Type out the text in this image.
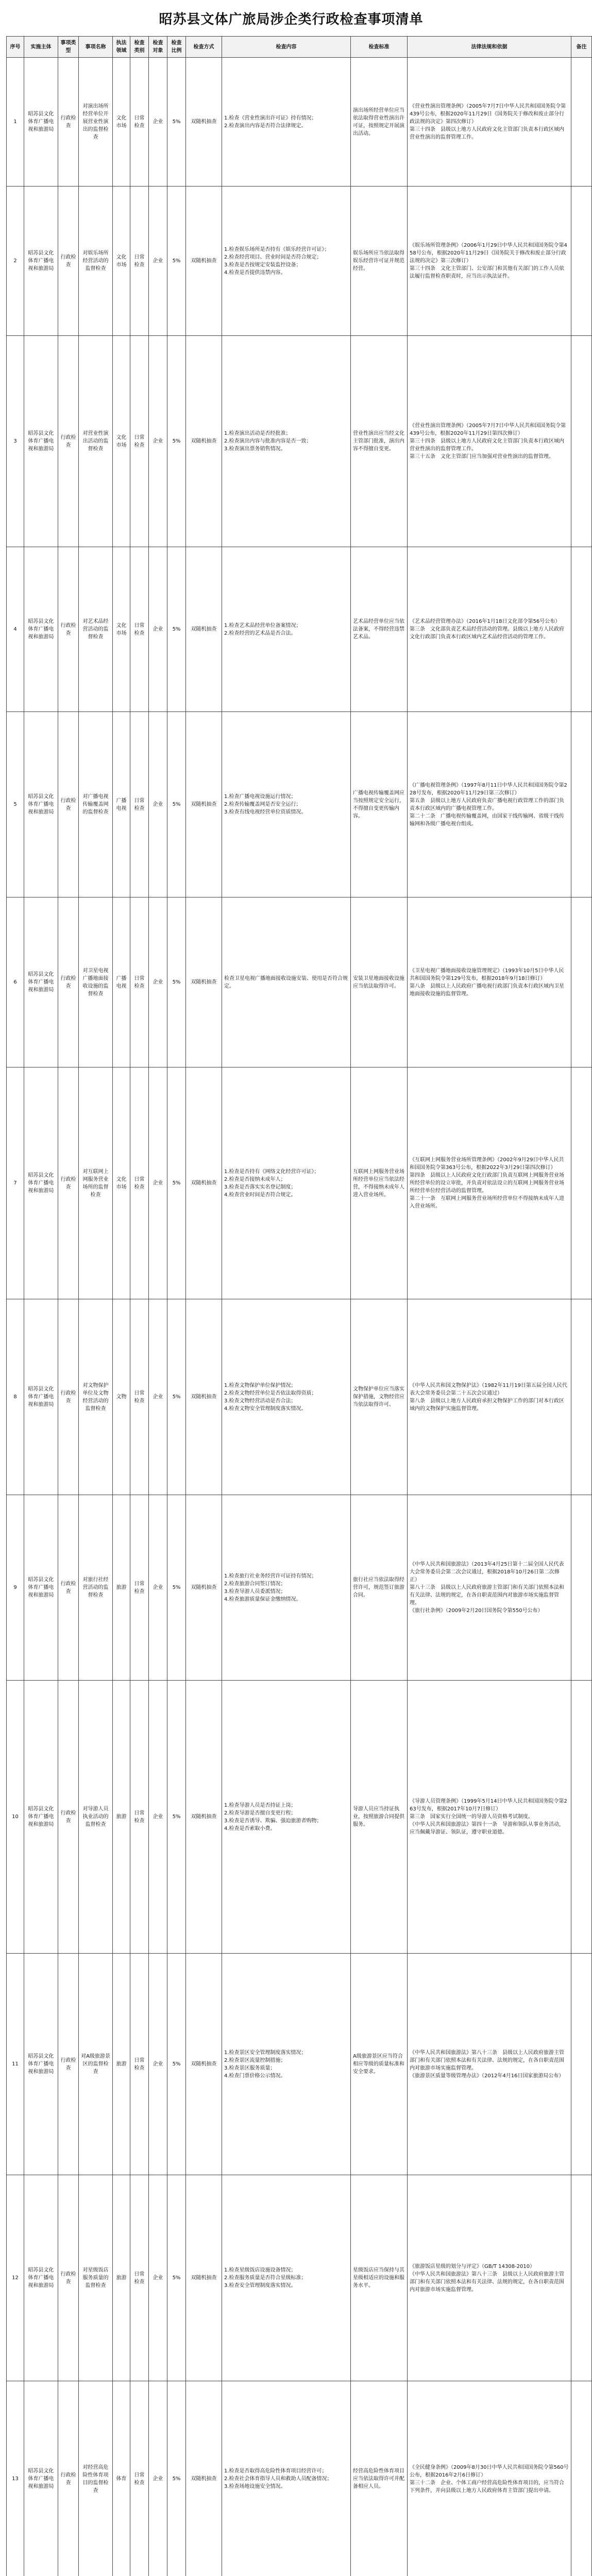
昭苏县文体广旅局涉企类行政检查事项清单
序号	实施主体	事项类型	事项名称	执法领域	检查类别	检查对象	检查比例	检查方式	检查内容	检查标准	法律法规和依据	备注
1	昭苏县文化体育广播电视和旅游局	行政检查	对演出场所经营单位开展营业性演出的监督检查	文化市场	日常检查	企业	5%	双随机抽查	1.检查《营业性演出许可证》持有情况；
2.检查演出内容是否符合法律规定。	演出场所经营单位应当依法取得营业性演出许可证，按照规定开展演出活动。	《营业性演出管理条例》（2005年7月7日中华人民共和国国务院令第439号公布，根据2020年11月29日《国务院关于修改和废止部分行政法规的决定》第四次修订）
第三十四条　县级以上地方人民政府文化主管部门负责本行政区域内营业性演出的监督管理工作。	
2	昭苏县文化体育广播电视和旅游局	行政检查	对娱乐场所经营活动的监督检查	文化市场	日常检查	企业	5%	双随机抽查	1.检查娱乐场所是否持有《娱乐经营许可证》；
2.检查经营项目、营业时间是否符合规定；
3.检查是否按规定安装监控设备；
4.检查是否提供违禁内容。	娱乐场所应当依法取得娱乐经营许可证并规范经营。	《娱乐场所管理条例》（2006年1月29日中华人民共和国国务院令第458号公布，根据2020年11月29日《国务院关于修改和废止部分行政法规的决定》第三次修订）
第三十四条　文化主管部门、公安部门和其他有关部门的工作人员依法履行监督检查职责时，应当出示执法证件。	
3	昭苏县文化体育广播电视和旅游局	行政检查	对营业性演出活动的监督检查	文化市场	日常检查	企业	5%	双随机抽查	1.检查演出活动是否经批准；
2.检查演出内容与批准内容是否一致；
3.检查演出票务销售情况。	营业性演出应当经文化主管部门批准，演出内容不得擅自变更。	《营业性演出管理条例》（2005年7月7日中华人民共和国国务院令第439号公布，根据2020年11月29日第四次修订）
第三十四条　县级以上地方人民政府文化主管部门负责本行政区域内营业性演出的监督管理工作。
第三十五条　文化主管部门应当加强对营业性演出的监督管理。	
4	昭苏县文化体育广播电视和旅游局	行政检查	对艺术品经营活动的监督检查	文化市场	日常检查	企业	5%	双随机抽查	1.检查艺术品经营单位备案情况；
2.检查经营的艺术品是否合法。	艺术品经营单位应当依法备案，不得经营违禁艺术品。	《艺术品经营管理办法》（2016年1月18日文化部令第56号公布）
第三条　文化部负责艺术品经营活动的管理。县级以上地方人民政府文化行政部门负责本行政区域内艺术品经营活动的管理工作。	
5	昭苏县文化体育广播电视和旅游局	行政检查	对广播电视传输覆盖网的监督检查	广播电视	日常检查	企业	5%	双随机抽查	1.检查广播电视设施运行情况；
2.检查传输覆盖网是否安全运行；
3.检查有线电视经营单位资质情况。	广播电视传输覆盖网应当按照规定安全运行，不得擅自变更传输内容。	《广播电视管理条例》（1997年8月11日中华人民共和国国务院令第228号发布，根据2020年11月29日第三次修订）
第五条　县级以上地方人民政府负责广播电视行政管理工作的部门负责本行政区域内的广播电视管理工作。
第二十二条　广播电视传输覆盖网，由国家干线传输网、省级干线传输网和各级广播电视台组成。	
6	昭苏县文化体育广播电视和旅游局	行政检查	对卫星电视广播地面接收设施的监督检查	广播电视	日常检查	企业	5%	双随机抽查	检查卫星电视广播地面接收设施安装、使用是否符合规定。	安装卫星地面接收设施应当依法取得许可。	《卫星电视广播地面接收设施管理规定》（1993年10月5日中华人民共和国国务院令第129号发布，根据2018年9月18日修订）
第八条　县级以上人民政府广播电视行政部门负责本行政区域内卫星地面接收设施的监督管理。	
7	昭苏县文化体育广播电视和旅游局	行政检查	对互联网上网服务营业场所的监督检查	文化市场	日常检查	企业	5%	双随机抽查	1.检查是否持有《网络文化经营许可证》；
2.检查是否接纳未成年人；
3.检查是否落实实名登记制度；
4.检查营业时间是否符合规定。	互联网上网服务营业场所经营单位应当依法经营，不得接纳未成年人进入营业场所。	《互联网上网服务营业场所管理条例》（2002年9月29日中华人民共和国国务院令第363号公布，根据2022年3月29日第四次修订）
第四条　县级以上人民政府文化行政部门负责互联网上网服务营业场所经营单位的设立审批，并负责对依法设立的互联网上网服务营业场所经营单位经营活动的监督管理。
第二十一条　互联网上网服务营业场所经营单位不得接纳未成年人进入营业场所。	
8	昭苏县文化体育广播电视和旅游局	行政检查	对文物保护单位及文物经营活动的监督检查	文物	日常检查	企业	5%	双随机抽查	1.检查文物保护单位保护情况；
2.检查文物经营单位是否依法取得资质；
3.检查文物经营活动是否合法；
4.检查文物安全管理制度落实情况。	文物保护单位应当落实保护措施，文物经营应当依法取得许可。	《中华人民共和国文物保护法》（1982年11月19日第五届全国人民代表大会常务委员会第二十五次会议通过）
第八条　县级以上地方人民政府承担文物保护工作的部门对本行政区域内的文物保护实施监督管理。	
9	昭苏县文化体育广播电视和旅游局	行政检查	对旅行社经营活动的监督检查	旅游	日常检查	企业	5%	双随机抽查	1.检查旅行社业务经营许可证持有情况；
2.检查旅游合同签订情况；
3.检查导游人员委派情况；
4.检查旅游质量保证金缴纳情况。	旅行社应当依法取得经营许可，规范签订旅游合同。	《中华人民共和国旅游法》（2013年4月25日第十二届全国人民代表大会常务委员会第二次会议通过，根据2018年10月26日第二次修正）
第八十三条　县级以上人民政府旅游主管部门和有关部门依照本法和有关法律、法规的规定，在各自职责范围内对旅游市场实施监督管理。
《旅行社条例》（2009年2月20日国务院令第550号公布）	
10	昭苏县文化体育广播电视和旅游局	行政检查	对导游人员执业活动的监督检查	旅游	日常检查	企业	5%	双随机抽查	1.检查导游人员是否持证上岗；
2.检查导游是否擅自变更行程；
3.检查是否诱导、欺骗、强迫旅游者购物；
4.检查是否索取小费。	导游人员应当持证执业，按照旅游合同提供服务。	《导游人员管理条例》（1999年5月14日中华人民共和国国务院令第263号发布，根据2017年10月7日修订）
第三条　国家实行全国统一的导游人员资格考试制度。
《中华人民共和国旅游法》第四十一条　导游和领队从事业务活动，应当佩戴导游证、领队证，遵守职业道德。	
11	昭苏县文化体育广播电视和旅游局	行政检查	对A级旅游景区的监督检查	旅游	日常检查	企业	5%	双随机抽查	1.检查景区安全管理制度落实情况；
2.检查景区流量控制措施；
3.检查景区服务质量；
4.检查门票价格公示情况。	A级旅游景区应当符合相应等级的质量标准和安全要求。	《中华人民共和国旅游法》第八十三条　县级以上人民政府旅游主管部门和有关部门依照本法和有关法律、法规的规定，在各自职责范围内对旅游市场实施监督管理。
《旅游景区质量等级管理办法》（2012年4月16日国家旅游局公布）	
12	昭苏县文化体育广播电视和旅游局	行政检查	对星级饭店服务质量的监督检查	旅游	日常检查	企业	5%	双随机抽查	1.检查星级饭店设施设备情况；
2.检查服务质量是否符合星级标准；
3.检查安全管理制度落实情况。	星级饭店应当保持与其星级相适应的设施和服务水平。	《旅游饭店星级的划分与评定》（GB/T 14308-2010）
《中华人民共和国旅游法》第八十三条　县级以上人民政府旅游主管部门和有关部门依照本法和有关法律、法规的规定，在各自职责范围内对旅游市场实施监督管理。	
13	昭苏县文化体育广播电视和旅游局	行政检查	对经营高危险性体育项目的监督检查	体育	日常检查	企业	5%	双随机抽查	1.检查是否取得高危险性体育项目经营许可；
2.检查社会体育指导人员和救助人员配备情况；
3.检查场地设施安全情况。	经营高危险性体育项目应当依法取得许可并配备相应人员。	《全民健身条例》（2009年8月30日中华人民共和国国务院令第560号公布，根据2016年2月6日修订）
第三十二条　企业、个体工商户经营高危险性体育项目的，应当符合下列条件，并向县级以上地方人民政府体育主管部门提出申请。	
